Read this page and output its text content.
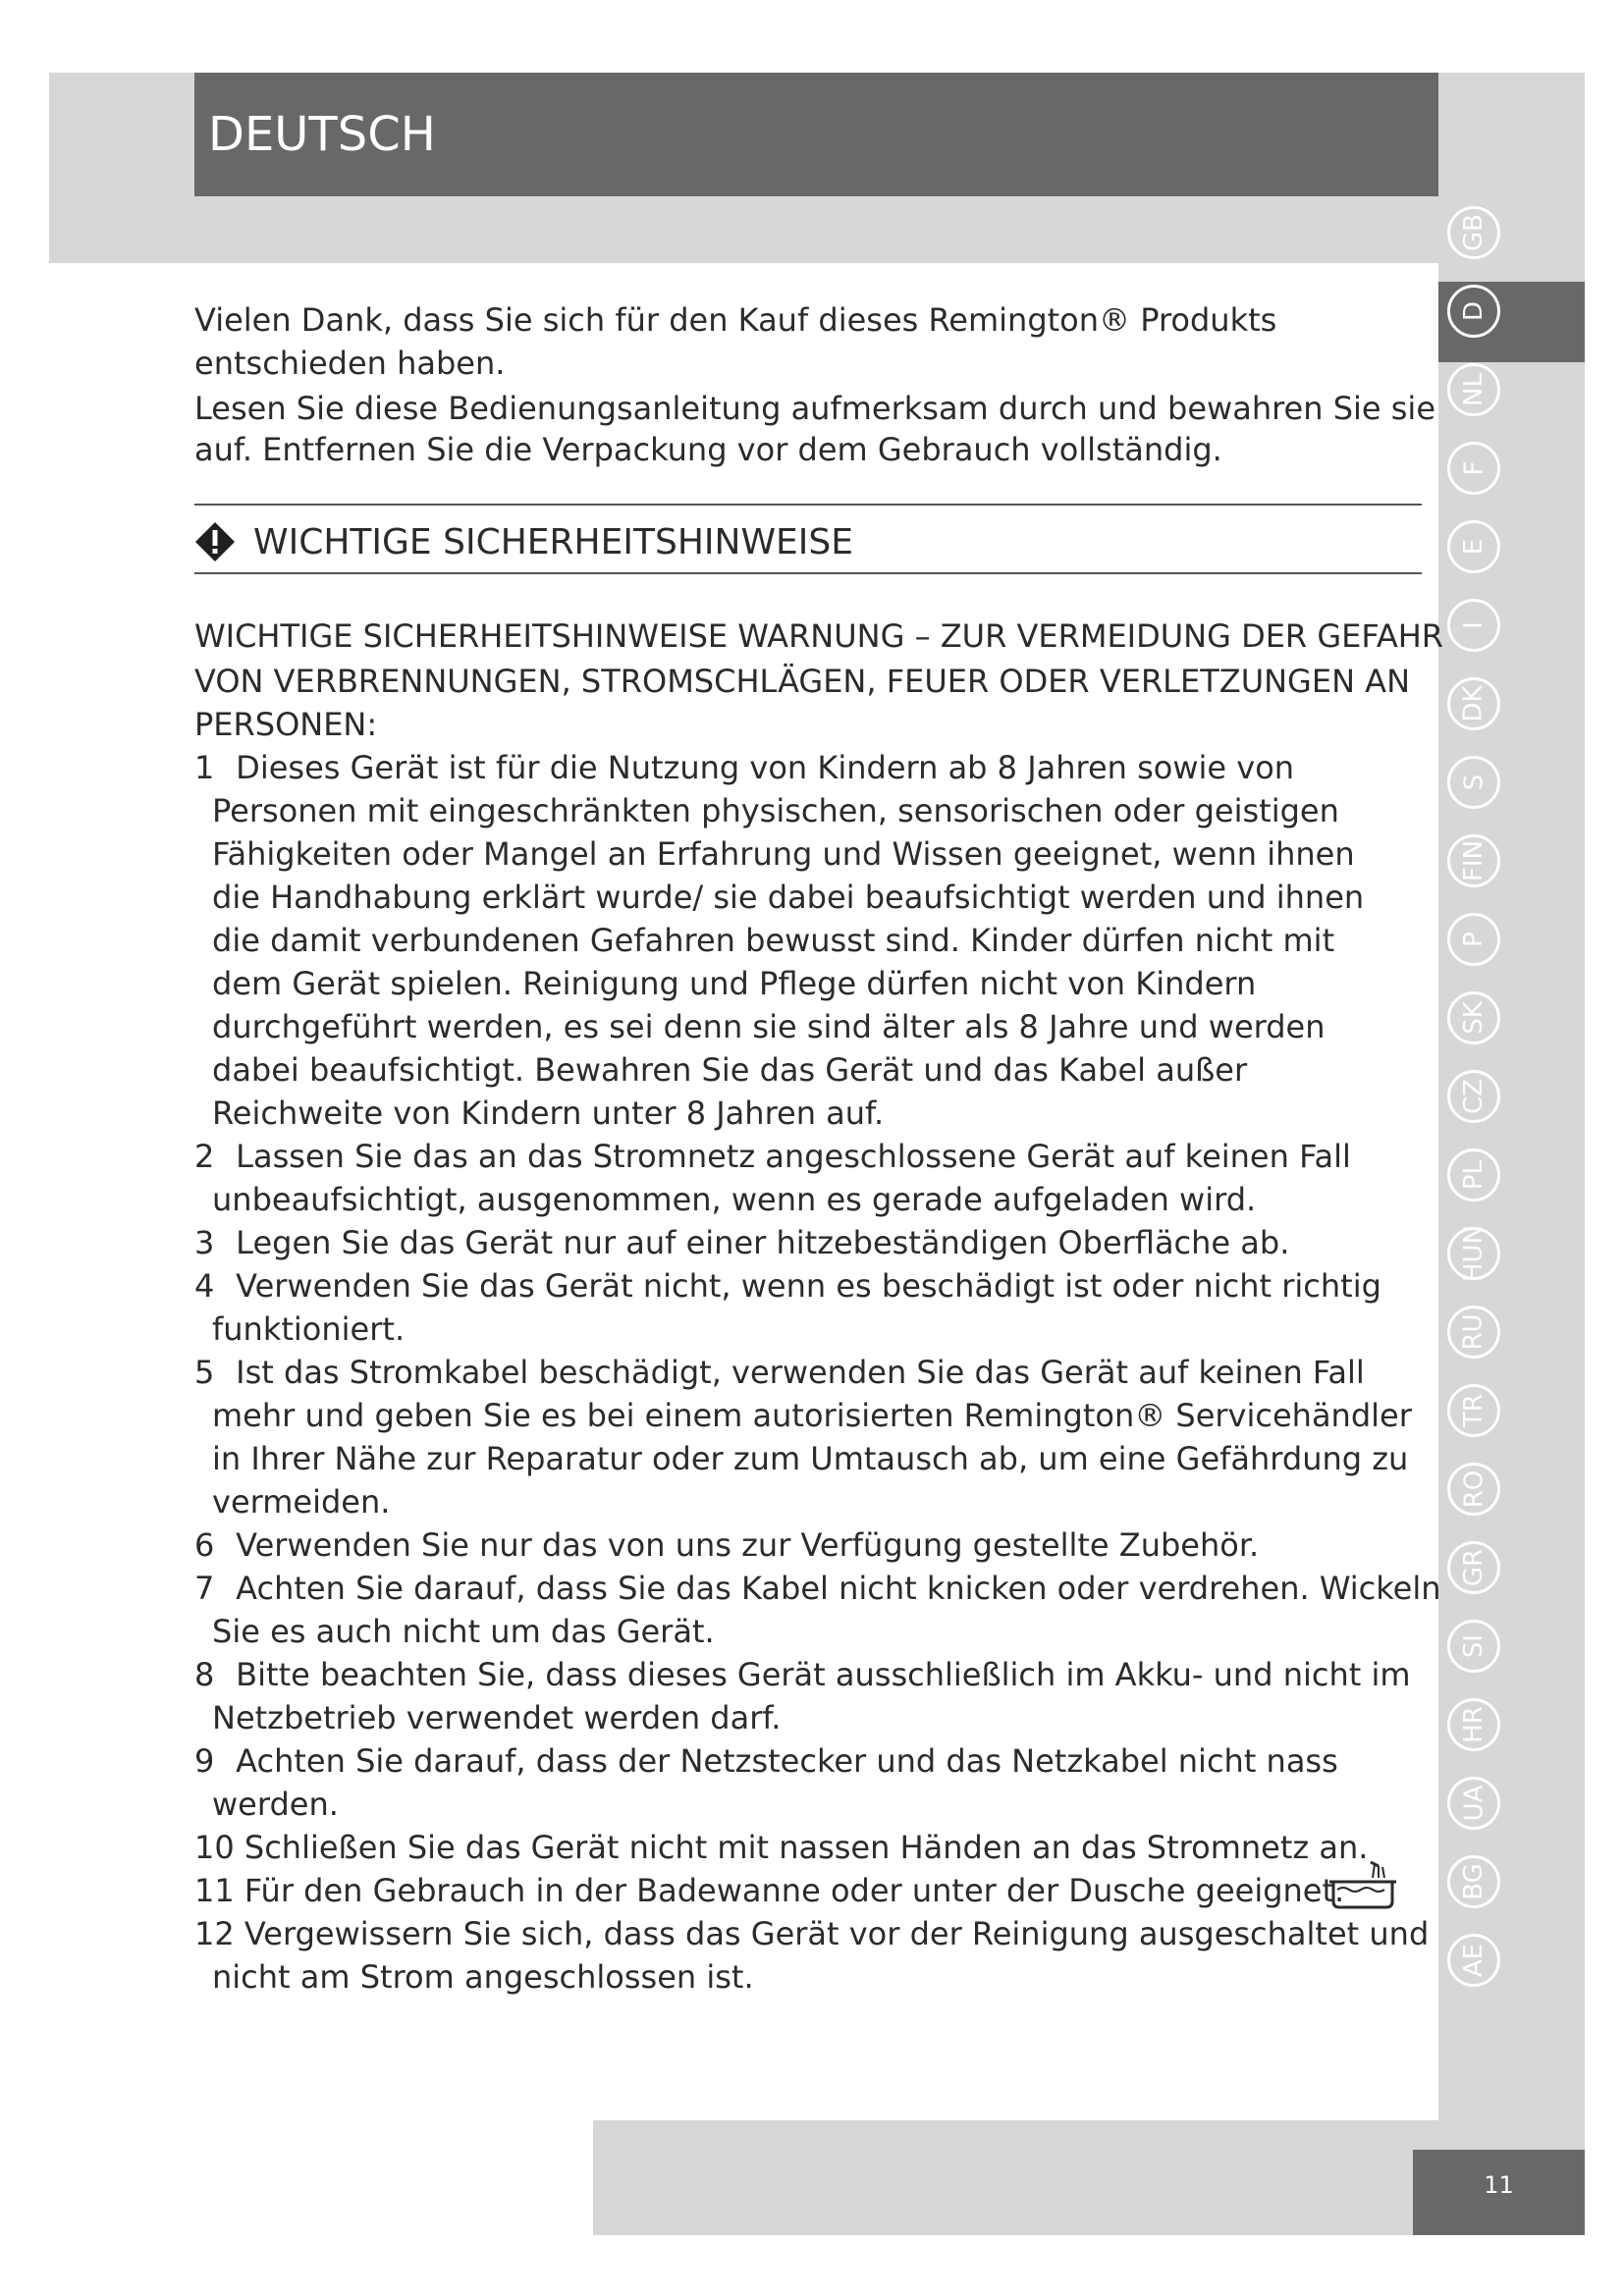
DEUTSCH
GB
D
NL
F
E
I
DK
S
FIN
P
SK
CZ
PL
HUN
RU
TR
RO
GR
SI
HR
UA
BG
AE
Vielen Dank, dass Sie sich für den Kauf dieses Remington® Produkts
entschieden haben.
Lesen Sie diese Bedienungsanleitung aufmerksam durch und bewahren Sie sie
auf. Entfernen Sie die Verpackung vor dem Gebrauch vollständig.
WICHTIGE SICHERHEITSHINWEISE
WICHTIGE SICHERHEITSHINWEISE WARNUNG – ZUR VERMEIDUNG DER GEFAHR
VON VERBRENNUNGEN, STROMSCHLÄGEN, FEUER ODER VERLETZUNGEN AN
PERSONEN:
1 Dieses Gerät ist für die Nutzung von Kindern ab 8 Jahren sowie von
Personen mit eingeschränkten physischen, sensorischen oder geistigen
Fähigkeiten oder Mangel an Erfahrung und Wissen geeignet, wenn ihnen
die Handhabung erklärt wurde/ sie dabei beaufsichtigt werden und ihnen
die damit verbundenen Gefahren bewusst sind. Kinder dürfen nicht mit
dem Gerät spielen. Reinigung und Pflege dürfen nicht von Kindern
durchgeführt werden, es sei denn sie sind älter als 8 Jahre und werden
dabei beaufsichtigt. Bewahren Sie das Gerät und das Kabel außer
Reichweite von Kindern unter 8 Jahren auf.
2 Lassen Sie das an das Stromnetz angeschlossene Gerät auf keinen Fall
unbeaufsichtigt, ausgenommen, wenn es gerade aufgeladen wird.
3 Legen Sie das Gerät nur auf einer hitzebeständigen Oberfläche ab.
4 Verwenden Sie das Gerät nicht, wenn es beschädigt ist oder nicht richtig
funktioniert.
5 Ist das Stromkabel beschädigt, verwenden Sie das Gerät auf keinen Fall
mehr und geben Sie es bei einem autorisierten Remington® Servicehändler
in Ihrer Nähe zur Reparatur oder zum Umtausch ab, um eine Gefährdung zu
vermeiden.
6 Verwenden Sie nur das von uns zur Verfügung gestellte Zubehör.
7 Achten Sie darauf, dass Sie das Kabel nicht knicken oder verdrehen. Wickeln
Sie es auch nicht um das Gerät.
8 Bitte beachten Sie, dass dieses Gerät ausschließlich im Akku- und nicht im
Netzbetrieb verwendet werden darf.
9 Achten Sie darauf, dass der Netzstecker und das Netzkabel nicht nass
werden.
10 Schließen Sie das Gerät nicht mit nassen Händen an das Stromnetz an.
11 Für den Gebrauch in der Badewanne oder unter der Dusche geeignet.
12 Vergewissern Sie sich, dass das Gerät vor der Reinigung ausgeschaltet und
nicht am Strom angeschlossen ist.
11
